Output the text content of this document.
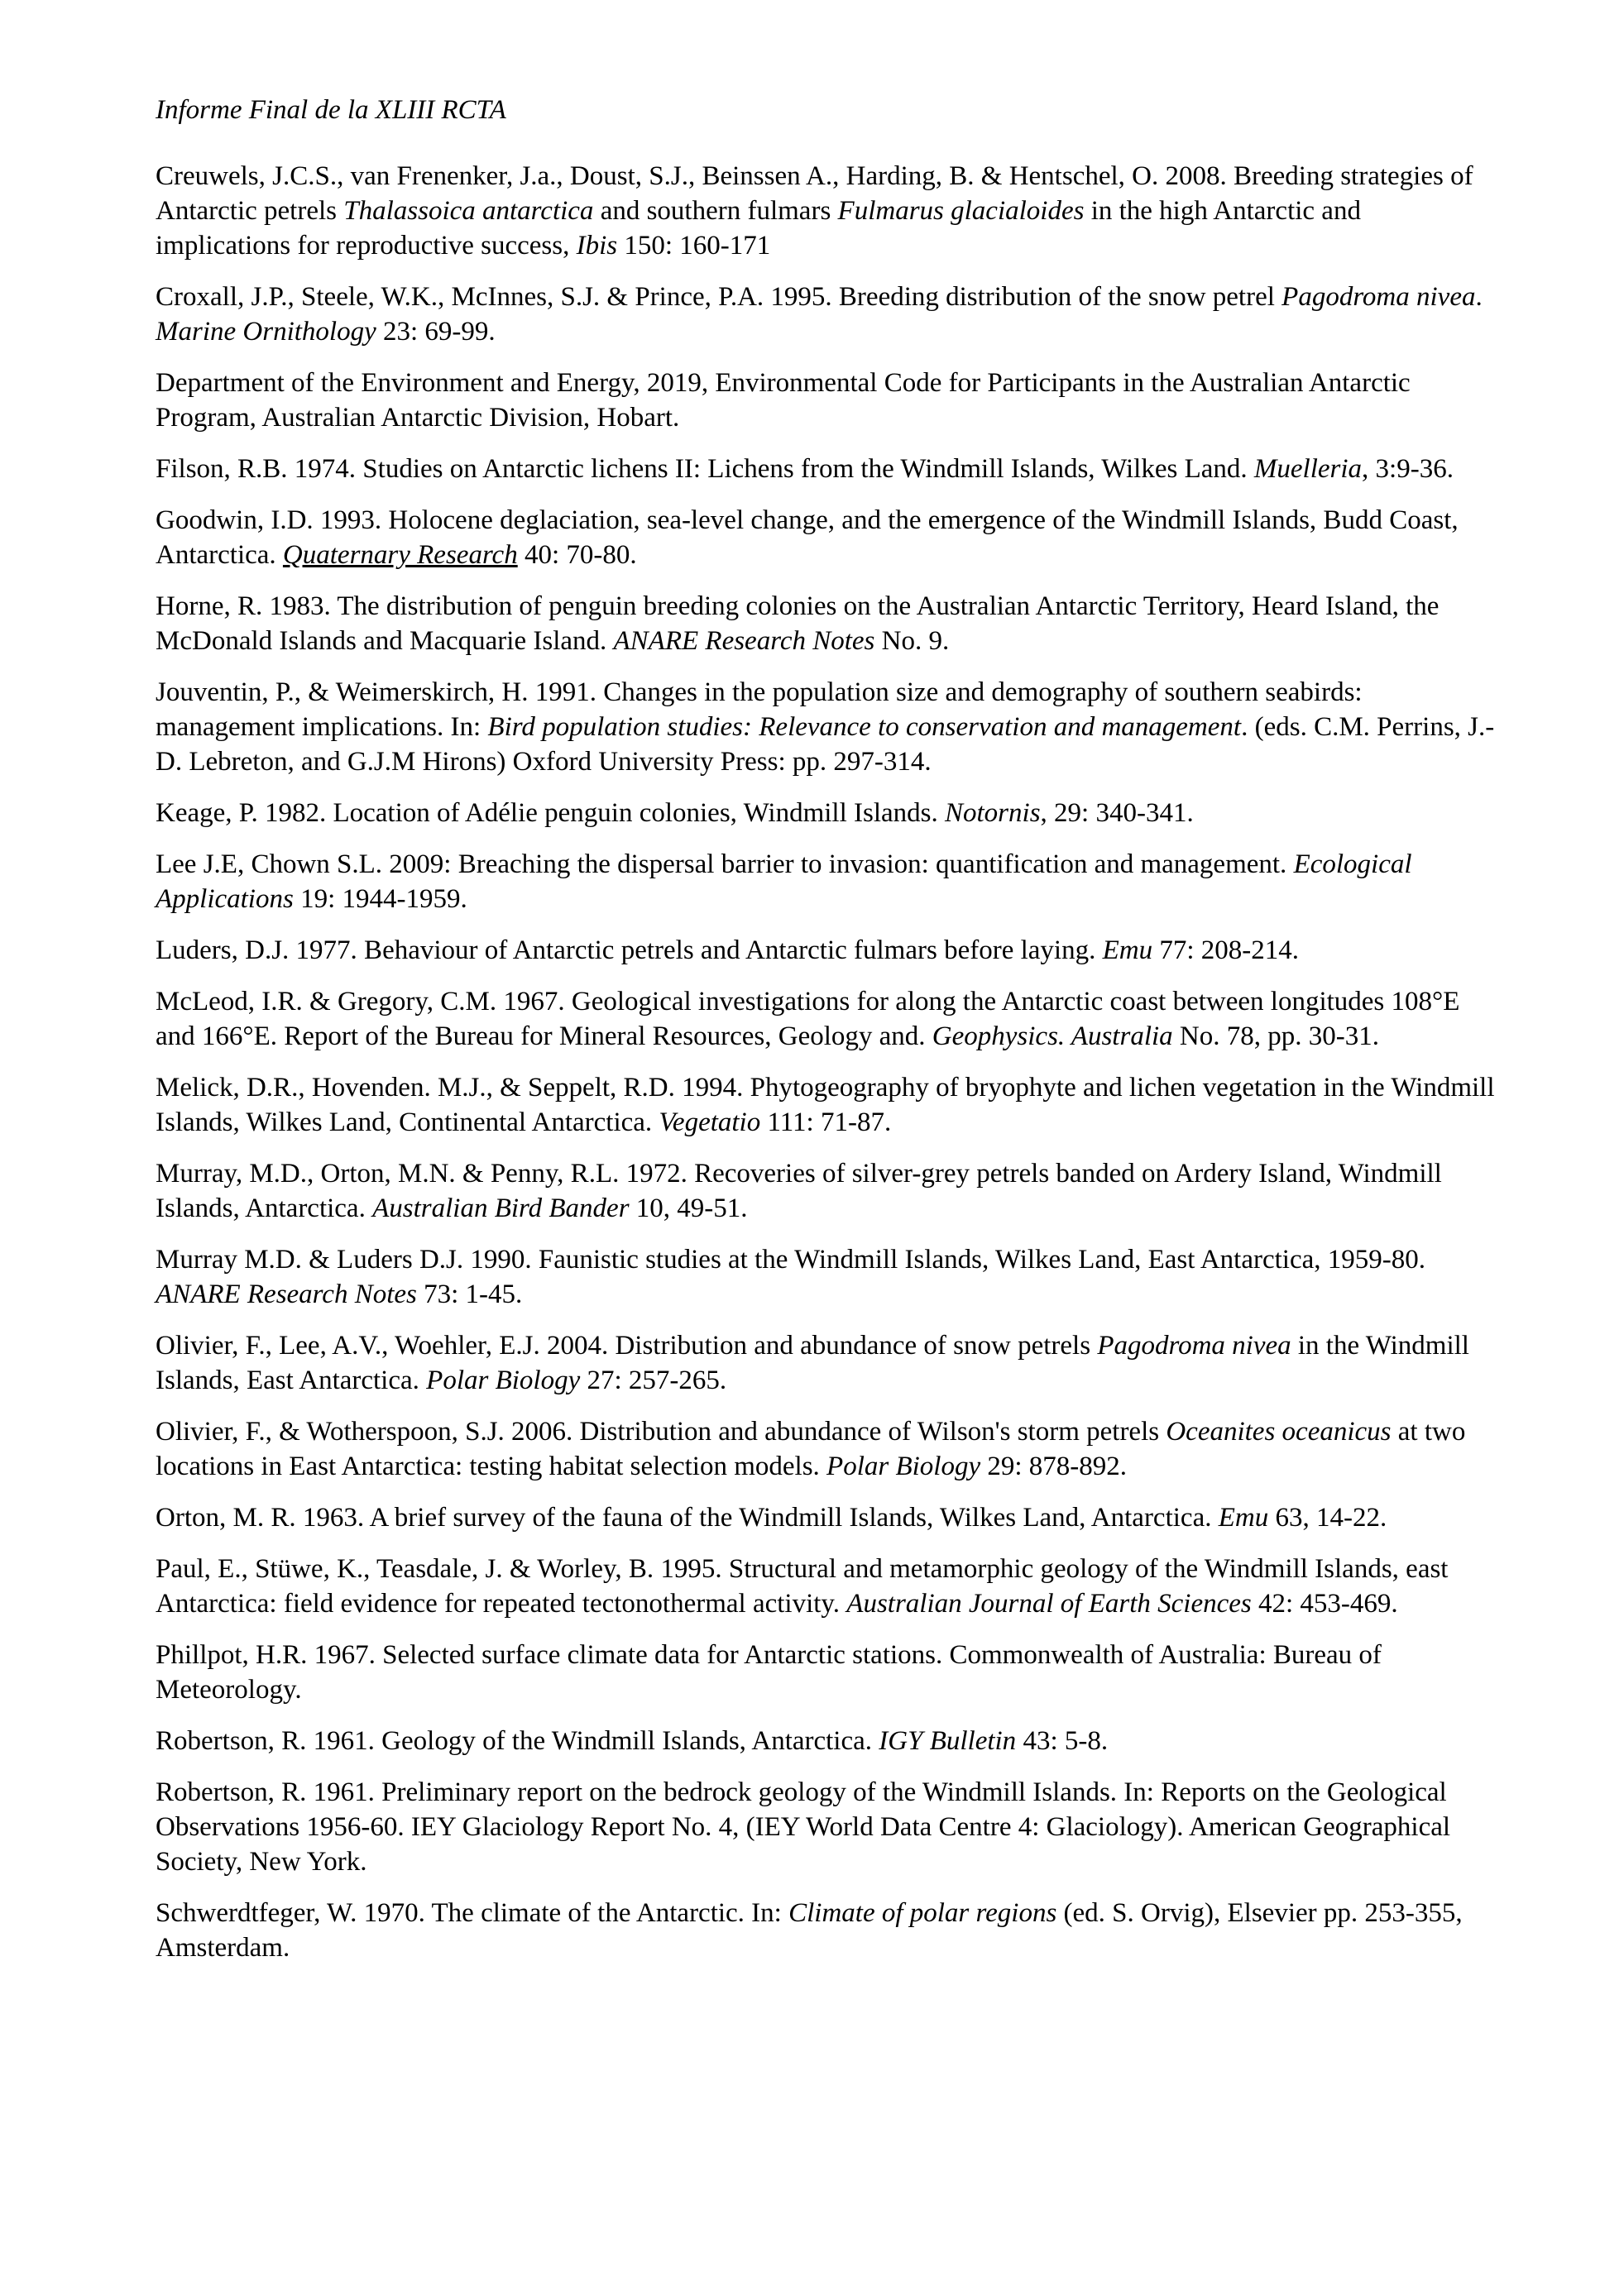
Informe Final de la XLIII RCTA

Creuwels, J.C.S., van Frenenker, J.a., Doust, S.J., Beinssen A., Harding, B. & Hentschel, O. 2008. Breeding strategies of Antarctic petrels Thalassoica antarctica and southern fulmars Fulmarus glacialoides in the high Antarctic and implications for reproductive success, Ibis 150: 160-171

Croxall, J.P., Steele, W.K., McInnes, S.J. & Prince, P.A. 1995. Breeding distribution of the snow petrel Pagodroma nivea. Marine Ornithology 23: 69-99.

Department of the Environment and Energy, 2019, Environmental Code for Participants in the Australian Antarctic Program, Australian Antarctic Division, Hobart.

Filson, R.B. 1974. Studies on Antarctic lichens II: Lichens from the Windmill Islands, Wilkes Land. Muelleria, 3:9-36.

Goodwin, I.D. 1993. Holocene deglaciation, sea-level change, and the emergence of the Windmill Islands, Budd Coast, Antarctica. Quaternary Research 40: 70-80.

Horne, R. 1983. The distribution of penguin breeding colonies on the Australian Antarctic Territory, Heard Island, the McDonald Islands and Macquarie Island. ANARE Research Notes No. 9.

Jouventin, P., & Weimerskirch, H. 1991. Changes in the population size and demography of southern seabirds: management implications. In: Bird population studies: Relevance to conservation and management. (eds. C.M. Perrins, J.-D. Lebreton, and G.J.M Hirons) Oxford University Press: pp. 297-314.

Keage, P. 1982. Location of Adélie penguin colonies, Windmill Islands. Notornis, 29: 340-341.

Lee J.E, Chown S.L. 2009: Breaching the dispersal barrier to invasion: quantification and management. Ecological Applications 19: 1944-1959.

Luders, D.J. 1977. Behaviour of Antarctic petrels and Antarctic fulmars before laying. Emu 77: 208-214.

McLeod, I.R. & Gregory, C.M. 1967. Geological investigations for along the Antarctic coast between longitudes 108°E and 166°E. Report of the Bureau for Mineral Resources, Geology and. Geophysics. Australia No. 78, pp. 30-31.

Melick, D.R., Hovenden. M.J., & Seppelt, R.D. 1994. Phytogeography of bryophyte and lichen vegetation in the Windmill Islands, Wilkes Land, Continental Antarctica. Vegetatio 111: 71-87.

Murray, M.D., Orton, M.N. & Penny, R.L. 1972. Recoveries of silver-grey petrels banded on Ardery Island, Windmill Islands, Antarctica. Australian Bird Bander 10, 49-51.

Murray M.D. & Luders D.J. 1990. Faunistic studies at the Windmill Islands, Wilkes Land, East Antarctica, 1959-80. ANARE Research Notes 73: 1-45.

Olivier, F., Lee, A.V., Woehler, E.J. 2004. Distribution and abundance of snow petrels Pagodroma nivea in the Windmill Islands, East Antarctica. Polar Biology 27: 257-265.

Olivier, F., & Wotherspoon, S.J. 2006. Distribution and abundance of Wilson's storm petrels Oceanites oceanicus at two locations in East Antarctica: testing habitat selection models. Polar Biology 29: 878-892.

Orton, M. R. 1963. A brief survey of the fauna of the Windmill Islands, Wilkes Land, Antarctica. Emu 63, 14-22.

Paul, E., Stüwe, K., Teasdale, J. & Worley, B. 1995. Structural and metamorphic geology of the Windmill Islands, east Antarctica: field evidence for repeated tectonothermal activity. Australian Journal of Earth Sciences 42: 453-469.

Phillpot, H.R. 1967. Selected surface climate data for Antarctic stations. Commonwealth of Australia: Bureau of Meteorology.

Robertson, R. 1961. Geology of the Windmill Islands, Antarctica. IGY Bulletin 43: 5-8.

Robertson, R. 1961. Preliminary report on the bedrock geology of the Windmill Islands. In: Reports on the Geological Observations 1956-60. IEY Glaciology Report No. 4, (IEY World Data Centre 4: Glaciology). American Geographical Society, New York.

Schwerdtfeger, W. 1970. The climate of the Antarctic. In: Climate of polar regions (ed. S. Orvig), Elsevier pp. 253-355, Amsterdam.
